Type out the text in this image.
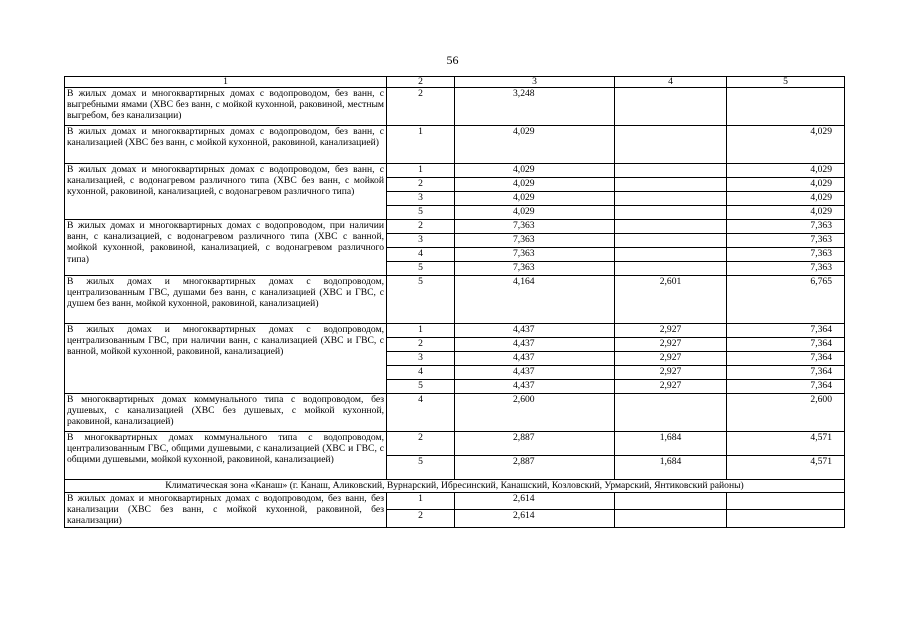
56
1	2	3	4	5
В жилых домах и многоквартирных домах с водопроводом, без ванн, с выгребными ямами (ХВС без ванн, с мойкой кухонной, раковиной, местным выгребом, без канализации)	2	3,248		
В жилых домах и многоквартирных домах с водопроводом, без ванн, с канализацией (ХВС без ванн, с мойкой кухонной, раковиной, канализацией)	1	4,029		4,029
В жилых домах и многоквартирных домах с водопроводом, без ванн, с канализацией, с водонагревом различного типа (ХВС без ванн, с мойкой кухонной, раковиной, канализацией, с водонагревом различного типа)	1	4,029		4,029
	2	4,029		4,029
	3	4,029		4,029
	5	4,029		4,029
В жилых домах и многоквартирных домах с водопроводом, при наличии ванн, с канализацией, с водонагревом различного типа (ХВС с ванной, мойкой кухонной, раковиной, канализацией, с водонагревом различного типа)	2	7,363		7,363
	3	7,363		7,363
	4	7,363		7,363
	5	7,363		7,363
В жилых домах и многоквартирных домах с водопроводом, централизованным ГВС, душами без ванн, с канализацией (ХВС и ГВС, с душем без ванн, мойкой кухонной, раковиной, канализацией)	5	4,164	2,601	6,765
В жилых домах и многоквартирных домах с водопроводом, централизованным ГВС, при наличии ванн, с канализацией (ХВС и ГВС, с ванной, мойкой кухонной, раковиной, канализацией)	1	4,437	2,927	7,364
	2	4,437	2,927	7,364
	3	4,437	2,927	7,364
	4	4,437	2,927	7,364
	5	4,437	2,927	7,364
В многоквартирных домах коммунального типа с водопроводом, без душевых, с канализацией (ХВС без душевых, с мойкой кухонной, раковиной, канализацией)	4	2,600		2,600
В многоквартирных домах коммунального типа с водопроводом, централизованным ГВС, общими душевыми, с канализацией (ХВС и ГВС, с общими душевыми, мойкой кухонной, раковиной, канализацией)	2	2,887	1,684	4,571
	5	2,887	1,684	4,571
Климатическая зона «Канаш» (г. Канаш, Аликовский, Вурнарский, Ибресинский, Канашский, Козловский, Урмарский, Янтиковский районы)				
В жилых домах и многоквартирных домах с водопроводом, без ванн, без канализации (ХВС без ванн, с мойкой кухонной, раковиной, без канализации)	1	2,614		
	2	2,614		
